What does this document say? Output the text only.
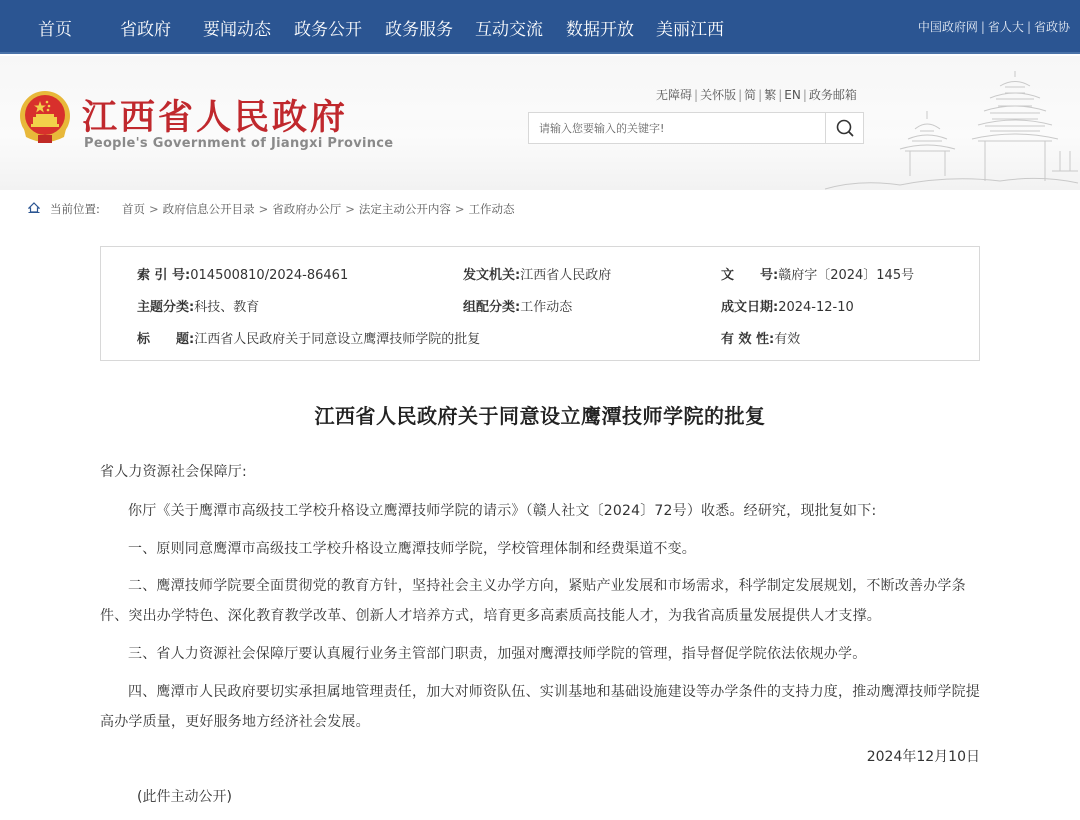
首页	省政府 要闻动态 政务公开 政务服务 互动交流 数据开放 美丽江西	中国政府网 | 省人大 | 省政协
江西省人民政府
People's Government of Jiangxi Province
无障碍 | 关怀版 | 简 | 繁 | EN | 政务邮箱
请输入您要输入的关键字!
当前位置: 首页 > 政府信息公开目录 > 省政府办公厅 > 法定主动公开内容 > 工作动态
索 引 号:014500810/2024-86461	发文机关:江西省人民政府	文　　号:赣府字〔2024〕145号
主题分类:科技、教育	组配分类:工作动态	成文日期:2024-12-10
标　　题:江西省人民政府关于同意设立鹰潭技师学院的批复	有 效 性:有效
江西省人民政府关于同意设立鹰潭技师学院的批复
省人力资源社会保障厅:
你厅《关于鹰潭市高级技工学校升格设立鹰潭技师学院的请示》（赣人社文〔2024〕72号）收悉。经研究，现批复如下:
一、原则同意鹰潭市高级技工学校升格设立鹰潭技师学院，学校管理体制和经费渠道不变。
二、鹰潭技师学院要全面贯彻党的教育方针，坚持社会主义办学方向，紧贴产业发展和市场需求，科学制定发展规划，不断改善办学条件、突出办学特色、深化教育教学改革、创新人才培养方式，培育更多高素质高技能人才，为我省高质量发展提供人才支撑。
三、省人力资源社会保障厅要认真履行业务主管部门职责，加强对鹰潭技师学院的管理，指导督促学院依法依规办学。
四、鹰潭市人民政府要切实承担属地管理责任，加大对师资队伍、实训基地和基础设施建设等办学条件的支持力度，推动鹰潭技师学院提高办学质量，更好服务地方经济社会发展。
2024年12月10日
(此件主动公开)
